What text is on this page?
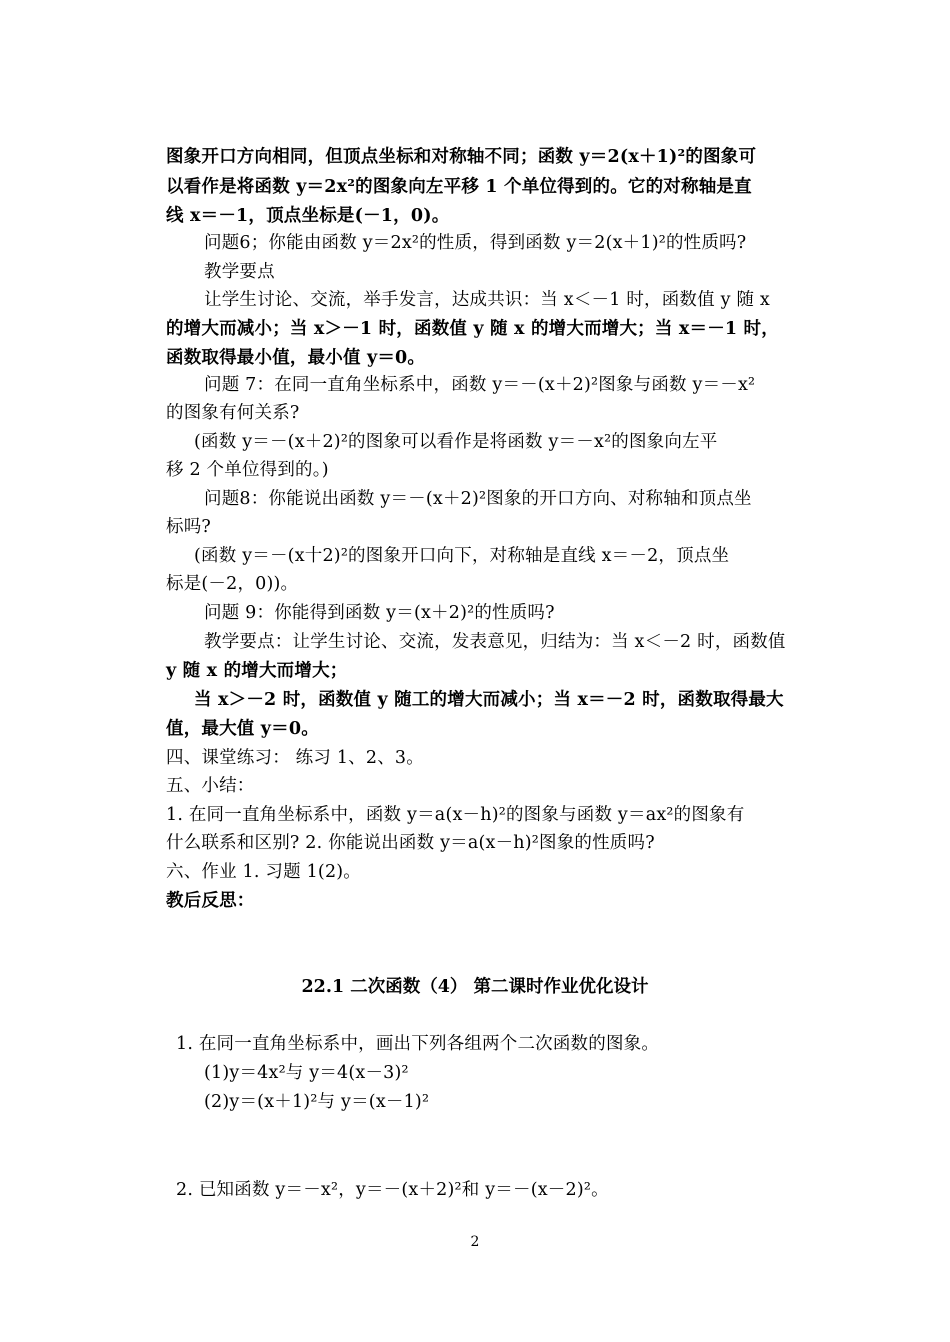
图象开口方向相同，但顶点坐标和对称轴不同；函数 y＝2(x＋1)²的图象可
以看作是将函数 y＝2x²的图象向左平移 1 个单位得到的。它的对称轴是直
线 x＝－1，顶点坐标是(－1，0)。
问题6；你能由函数 y＝2x²的性质，得到函数 y＝2(x＋1)²的性质吗?
教学要点
让学生讨论、交流，举手发言，达成共识：当 x＜－1 时，函数值 y 随 x
的增大而减小；当 x＞－1 时，函数值 y 随 x 的增大而增大；当 x＝－1 时，
函数取得最小值，最小值 y＝0。
问题 7：在同一直角坐标系中，函数 y＝－(x＋2)²图象与函数 y＝－x²
的图象有何关系?
(函数 y＝－(x＋2)²的图象可以看作是将函数 y＝－x²的图象向左平
移 2 个单位得到的。)
问题8：你能说出函数 y＝－(x＋2)²图象的开口方向、对称轴和顶点坐
标吗?
(函数 y＝－(x十2)²的图象开口向下，对称轴是直线 x＝－2，顶点坐
标是(－2，0))。
问题 9：你能得到函数 y＝(x＋2)²的性质吗?
教学要点：让学生讨论、交流，发表意见，归结为：当 x＜－2 时，函数值
y 随 x 的增大而增大；
当 x＞－2 时，函数值 y 随工的增大而减小；当 x＝－2 时，函数取得最大
值，最大值 y＝0。
四、课堂练习： 练习 1、2、3。
五、小结：
1. 在同一直角坐标系中，函数 y＝a(x－h)²的图象与函数 y＝ax²的图象有
什么联系和区别? 2. 你能说出函数 y＝a(x－h)²图象的性质吗?
六、作业 1. 习题 1(2)。
教后反思：
22.1 二次函数（4） 第二课时作业优化设计
1. 在同一直角坐标系中，画出下列各组两个二次函数的图象。
(1)y＝4x²与 y＝4(x－3)²
(2)y＝(x＋1)²与 y＝(x－1)²
2. 已知函数 y＝－x²，y＝－(x＋2)²和 y＝－(x－2)²。
2
